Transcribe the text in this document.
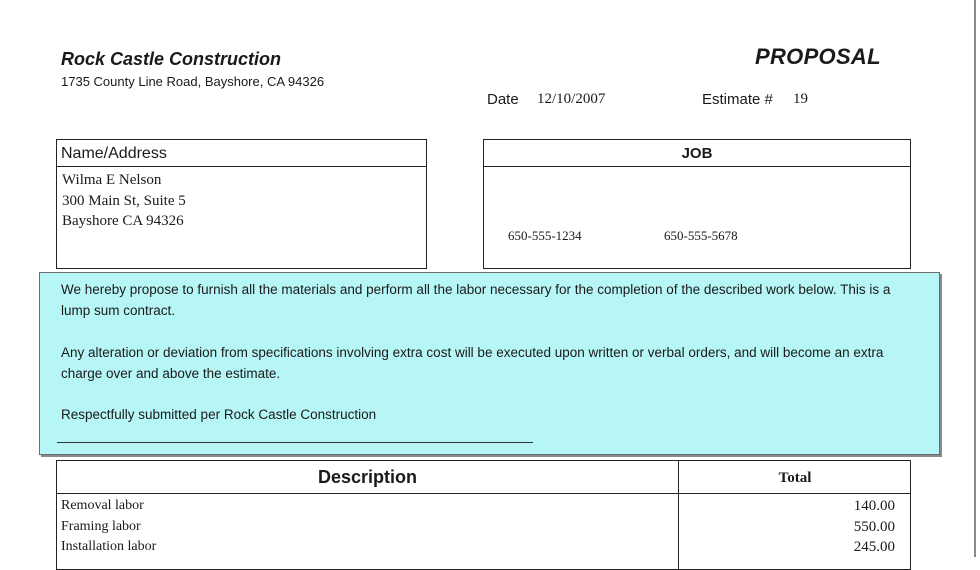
Rock Castle Construction
1735 County Line Road, Bayshore, CA 94326
PROPOSAL
Date 12/10/2007	Estimate # 19
Name/Address
Wilma E Nelson
300 Main St, Suite 5
Bayshore CA 94326
JOB
650-555-1234	650-555-5678
We hereby propose to furnish all the materials and perform all the labor necessary for the completion of the described work below. This is a lump sum contract.
Any alteration or deviation from specifications involving extra cost will be executed upon written or verbal orders, and will become an extra charge over and above the estimate.
Respectfully submitted per Rock Castle Construction
Description	Total
Removal labor	140.00
Framing labor	550.00
Installation labor	245.00
